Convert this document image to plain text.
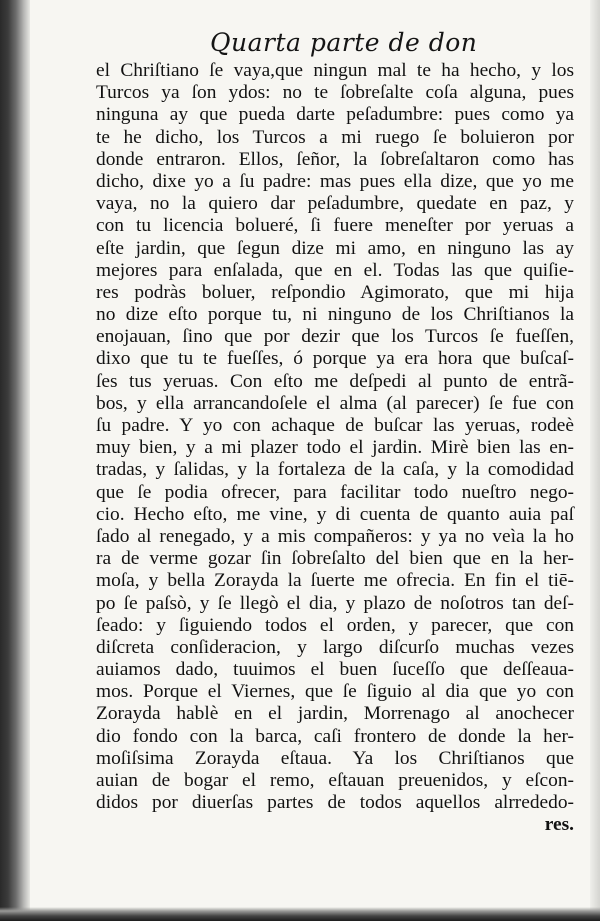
Quarta parte de don
el Chriſtiano ſe vaya,que ningun mal te ha hecho, y los
Turcos ya ſon ydos: no te ſobreſalte coſa alguna, pues
ninguna ay que pueda darte peſadumbre: pues como ya
te he dicho, los Turcos a mi ruego ſe boluieron por
donde entraron. Ellos, ſeñor, la ſobreſaltaron como has
dicho, dixe yo a ſu padre: mas pues ella dize, que yo me
vaya, no la quiero dar peſadumbre, quedate en paz, y
con tu licencia bolueré, ſi fuere meneſter por yeruas a
eſte jardin, que ſegun dize mi amo, en ninguno las ay
mejores para enſalada, que en el. Todas las que quiſie-
res podràs boluer, reſpondio Agimorato, que mi hija
no dize eſto porque tu, ni ninguno de los Chriſtianos la
enojauan, ſino que por dezir que los Turcos ſe fueſſen,
dixo que tu te fueſſes, ó porque ya era hora que buſcaſ-
ſes tus yeruas. Con eſto me deſpedi al punto de entrã-
bos, y ella arrancandoſele el alma (al parecer) ſe fue con
ſu padre. Y yo con achaque de buſcar las yeruas, rodeè
muy bien, y a mi plazer todo el jardin. Mirè bien las en-
tradas, y ſalidas, y la fortaleza de la caſa, y la comodidad
que ſe podia ofrecer, para facilitar todo nueſtro nego-
cio. Hecho eſto, me vine, y di cuenta de quanto auia paſ
ſado al renegado, y a mis compañeros: y ya no veìa la ho
ra de verme gozar ſin ſobreſalto del bien que en la her-
moſa, y bella Zorayda la ſuerte me ofrecia. En fin el tiē-
po ſe paſsò, y ſe llegò el dia, y plazo de noſotros tan deſ-
ſeado: y ſiguiendo todos el orden, y parecer, que con
diſcreta conſideracion, y largo diſcurſo muchas vezes
auiamos dado, tuuimos el buen ſuceſſo que deſſeaua-
mos. Porque el Viernes, que ſe ſiguio al dia que yo con
Zorayda hablè en el jardin, Morrenago al anochecer
dio fondo con la barca, caſi frontero de donde la her-
moſiſsima Zorayda eſtaua. Ya los Chriſtianos que
auian de bogar el remo, eſtauan preuenidos, y eſcon-
didos por diuerſas partes de todos aquellos alrrededo-
res.
